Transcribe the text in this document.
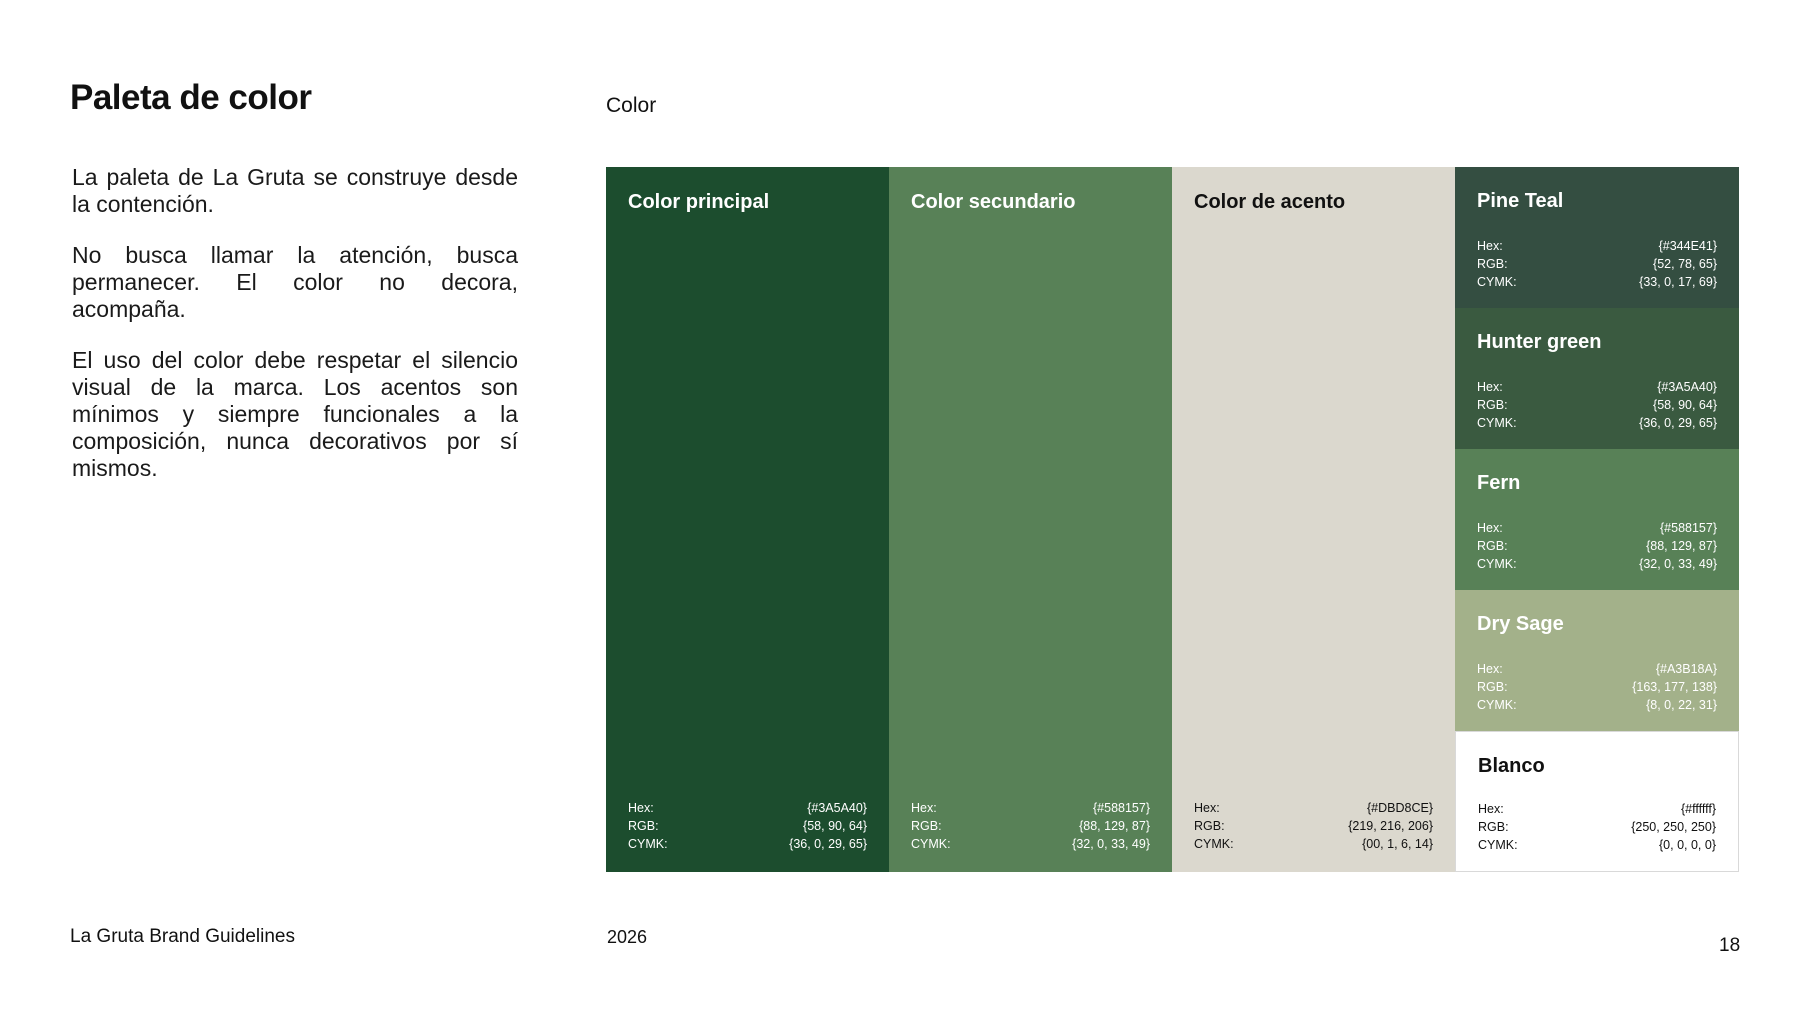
Paleta de color	Color

La paleta de La Gruta se construye desde la contención.

No busca llamar la atención, busca permanecer. El color no decora, acompaña.

El uso del color debe respetar el silencio visual de la marca. Los acentos son mínimos y siempre funcionales a la composición, nunca decorativos por sí mismos.

Color principal
Hex:	{#3A5A40}
RGB:	{58, 90, 64}
CYMK:	{36, 0, 29, 65}
Color secundario
Hex:	{#588157}
RGB:	{88, 129, 87}
CYMK:	{32, 0, 33, 49}
Color de acento
Hex:	{#DBD8CE}
RGB:	{219, 216, 206}
CYMK:	{00, 1, 6, 14}
Pine Teal
Hex:	{#344E41}
RGB:	{52, 78, 65}
CYMK:	{33, 0, 17, 69}
Hunter green
Hex:	{#3A5A40}
RGB:	{58, 90, 64}
CYMK:	{36, 0, 29, 65}
Fern
Hex:	{#588157}
RGB:	{88, 129, 87}
CYMK:	{32, 0, 33, 49}
Dry Sage
Hex:	{#A3B18A}
RGB:	{163, 177, 138}
CYMK:	{8, 0, 22, 31}
Blanco
Hex:	{#ffffff}
RGB:	{250, 250, 250}
CYMK:	{0, 0, 0, 0}
La Gruta Brand Guidelines	2026	18
